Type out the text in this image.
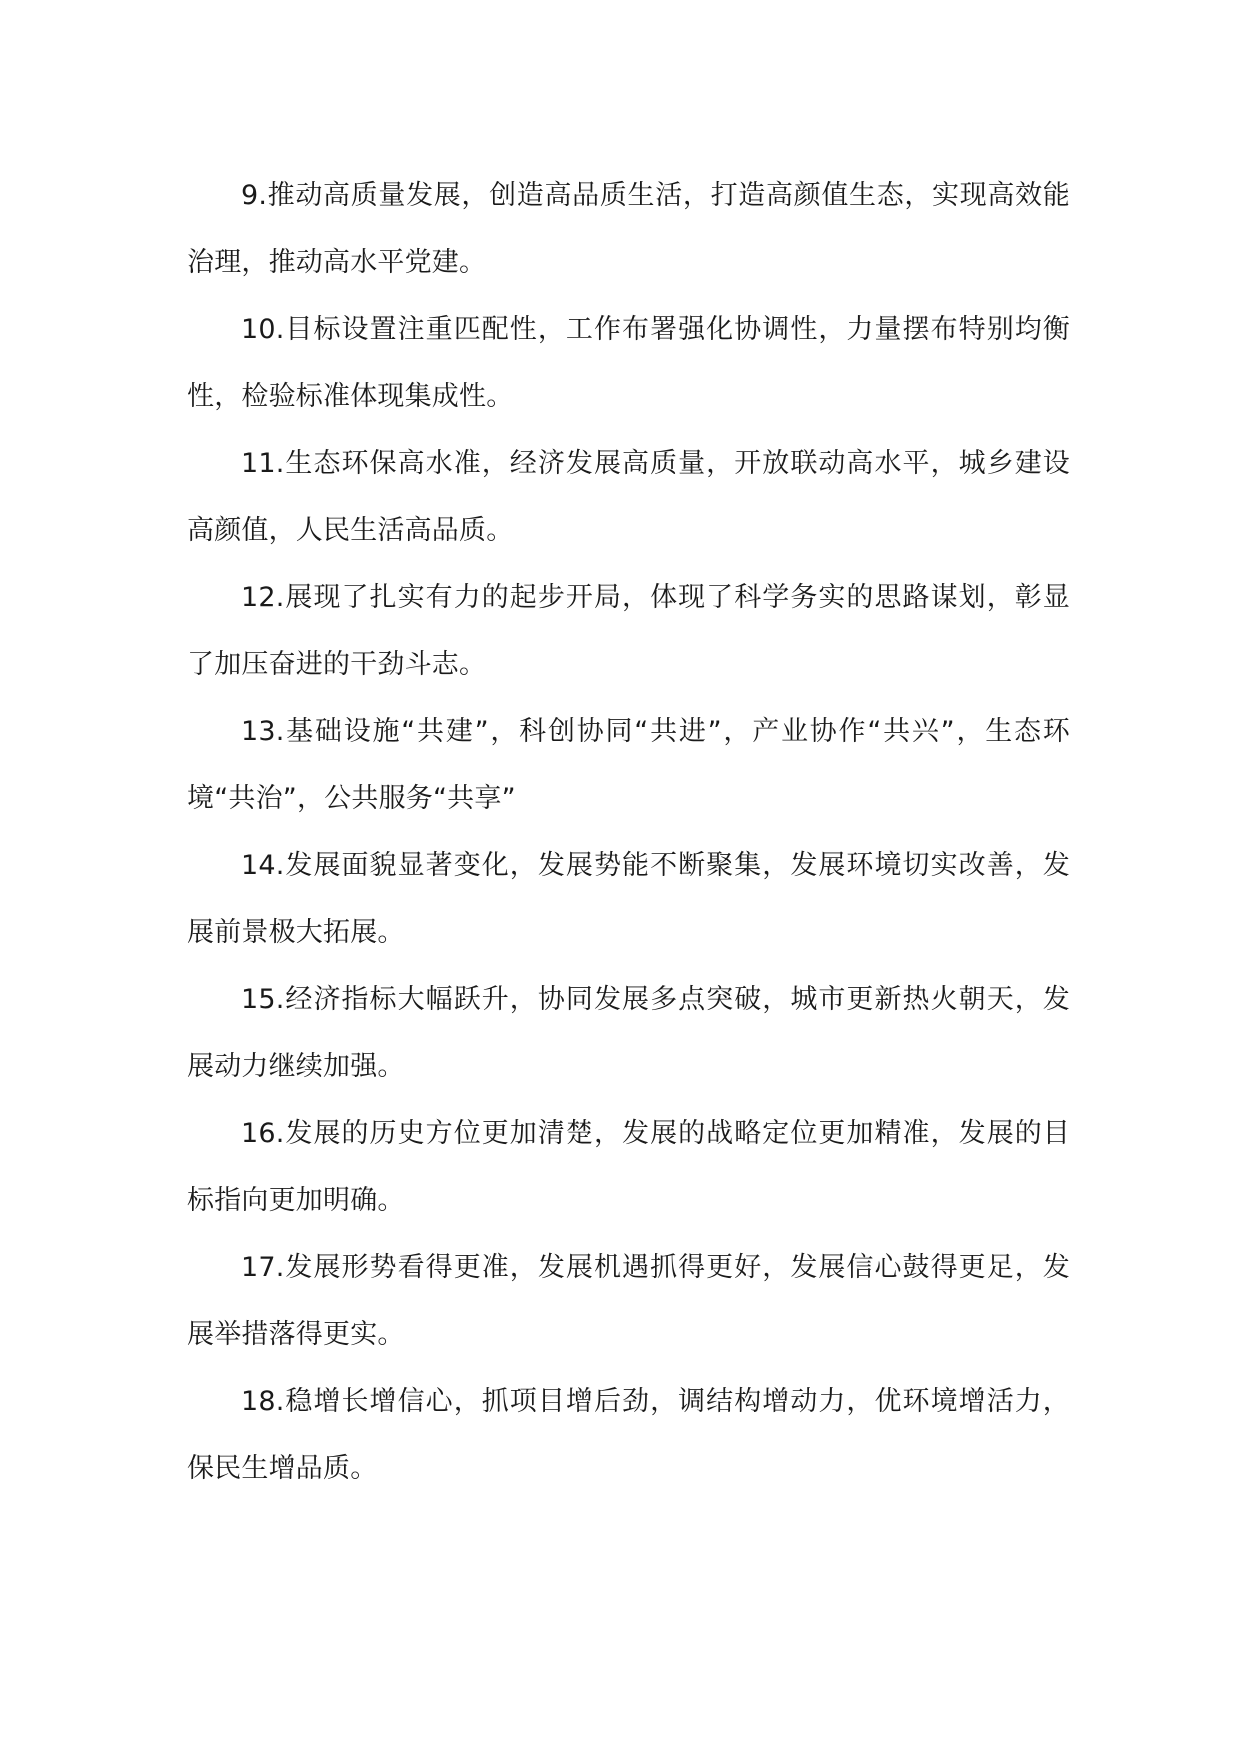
9.推动高质量发展，创造高品质生活，打造高颜值生态，实现高效能治理，推动高水平党建。

10.目标设置注重匹配性，工作布署强化协调性，力量摆布特别均衡性，检验标准体现集成性。

11.生态环保高水准，经济发展高质量，开放联动高水平，城乡建设高颜值，人民生活高品质。

12.展现了扎实有力的起步开局，体现了科学务实的思路谋划，彰显了加压奋进的干劲斗志。

13.基础设施“共建”，科创协同“共进”，产业协作“共兴”，生态环境“共治”，公共服务“共享”

14.发展面貌显著变化，发展势能不断聚集，发展环境切实改善，发展前景极大拓展。

15.经济指标大幅跃升，协同发展多点突破，城市更新热火朝天，发展动力继续加强。

16.发展的历史方位更加清楚，发展的战略定位更加精准，发展的目标指向更加明确。

17.发展形势看得更准，发展机遇抓得更好，发展信心鼓得更足，发展举措落得更实。

18.稳增长增信心，抓项目增后劲，调结构增动力，优环境增活力，保民生增品质。
